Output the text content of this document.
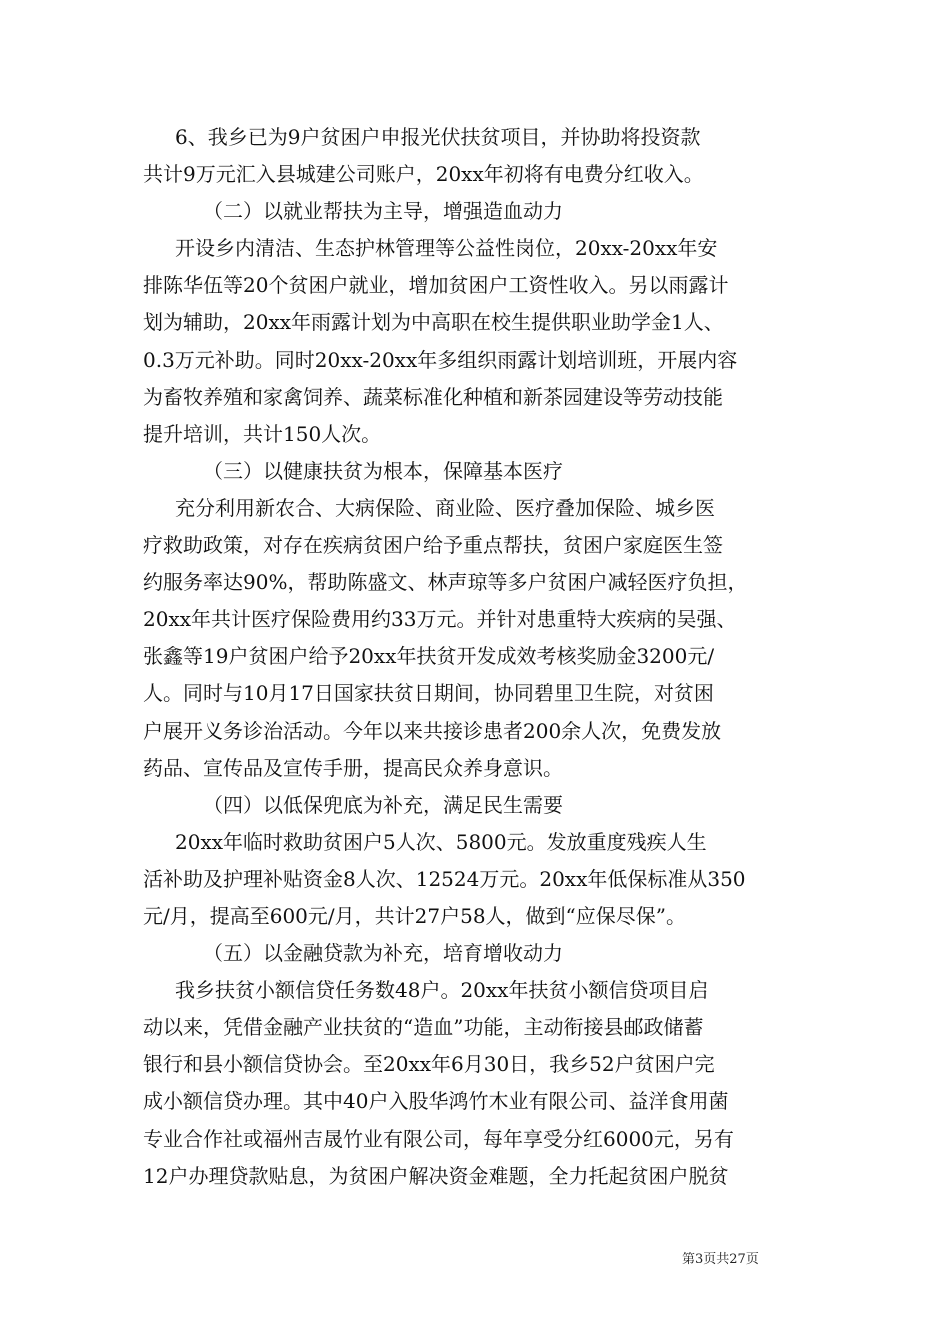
6、我乡已为9户贫困户申报光伏扶贫项目，并协助将投资款
共计9万元汇入县城建公司账户，20xx年初将有电费分红收入。
（二）以就业帮扶为主导，增强造血动力
开设乡内清洁、生态护林管理等公益性岗位，20xx-20xx年安
排陈华伍等20个贫困户就业，增加贫困户工资性收入。另以雨露计
划为辅助，20xx年雨露计划为中高职在校生提供职业助学金1人、
0.3万元补助。同时20xx-20xx年多组织雨露计划培训班，开展内容
为畜牧养殖和家禽饲养、蔬菜标准化种植和新茶园建设等劳动技能
提升培训，共计150人次。
（三）以健康扶贫为根本，保障基本医疗
充分利用新农合、大病保险、商业险、医疗叠加保险、城乡医
疗救助政策，对存在疾病贫困户给予重点帮扶，贫困户家庭医生签
约服务率达90%，帮助陈盛文、林声琼等多户贫困户减轻医疗负担，
20xx年共计医疗保险费用约33万元。并针对患重特大疾病的吴强、
张鑫等19户贫困户给予20xx年扶贫开发成效考核奖励金3200元/
人。同时与10月17日国家扶贫日期间，协同碧里卫生院，对贫困
户展开义务诊治活动。今年以来共接诊患者200余人次，免费发放
药品、宣传品及宣传手册，提高民众养身意识。
（四）以低保兜底为补充，满足民生需要
20xx年临时救助贫困户5人次、5800元。发放重度残疾人生
活补助及护理补贴资金8人次、12524万元。20xx年低保标准从350
元/月，提高至600元/月，共计27户58人，做到“应保尽保”。
（五）以金融贷款为补充，培育增收动力
我乡扶贫小额信贷任务数48户。20xx年扶贫小额信贷项目启
动以来，凭借金融产业扶贫的“造血”功能，主动衔接县邮政储蓄
银行和县小额信贷协会。至20xx年6月30日，我乡52户贫困户完
成小额信贷办理。其中40户入股华鸿竹木业有限公司、益洋食用菌
专业合作社或福州吉晟竹业有限公司，每年享受分红6000元，另有
12户办理贷款贴息，为贫困户解决资金难题，全力托起贫困户脱贫
第3页共27页
